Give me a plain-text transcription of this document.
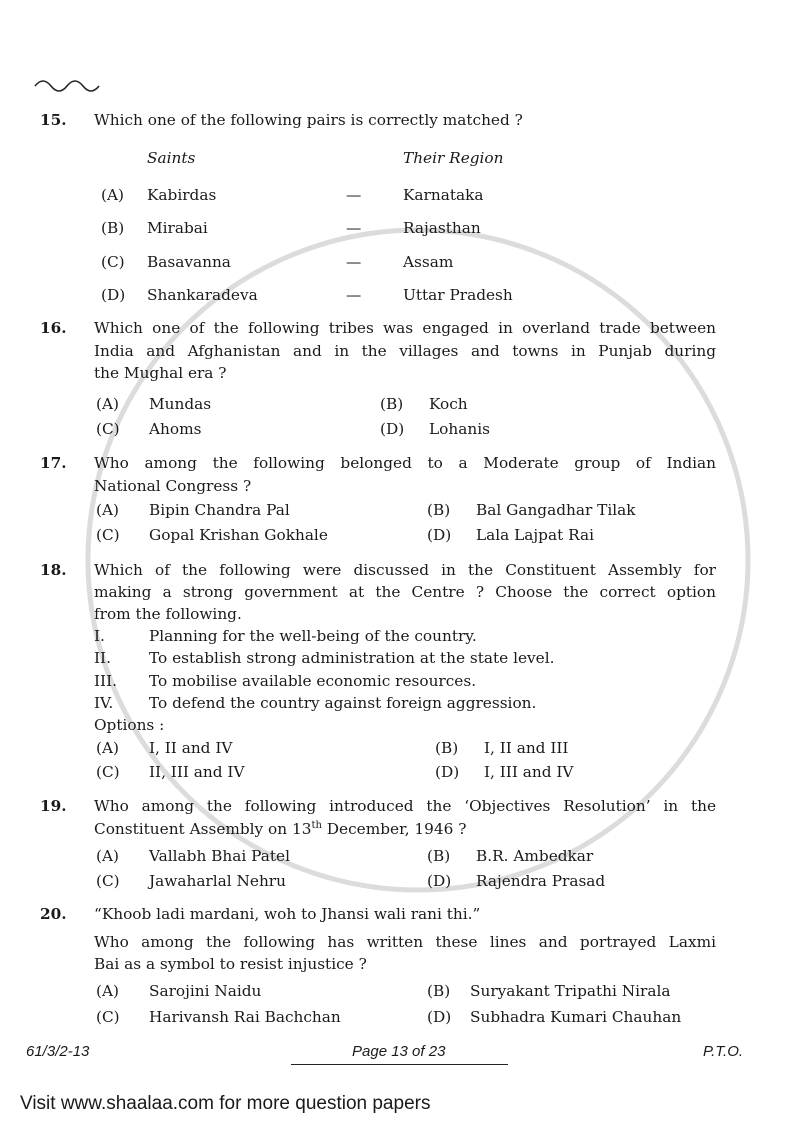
15. Which one of the following pairs is correctly matched ?
Saints	Their Region
(A) Kabirdas	—	Karnataka
(B) Mirabai	—	Rajasthan
(C) Basavanna	—	Assam
(D) Shankaradeva	—	Uttar Pradesh
16. Which one of the following tribes was engaged in overland trade between
India and Afghanistan and in the villages and towns in Punjab during
the Mughal era ?
17. Who among the following belonged to a Moderate group of Indian
National Congress ?
18. Which of the following were discussed in the Constituent Assembly for
making a strong government at the Centre ? Choose the correct option
from the following.
I.	Planning for the well-being of the country.
II. To establish strong administration at the state level.
III. To mobilise available economic resources.
IV. To defend the country against foreign aggression.
Options :
19. Who among the following introduced the ‘Objectives Resolution’ in the
Constituent Assembly on 13th December, 1946 ?
20. “Khoob ladi mardani, woh to Jhansi wali rani thi.”
Who among the following has written these lines and portrayed Laxmi
Bai as a symbol to resist injustice ?
(A) Mundas	(B) Koch
(C) Ahoms	(D) Lohanis
(A) Bipin Chandra Pal	(B) Bal Gangadhar Tilak
(C) Gopal Krishan Gokhale	(D) Lala Lajpat Rai
(A) I, II and IV	(B) I, II and III
(C) II, III and IV	(D) I, III and IV
(A) Vallabh Bhai Patel	(B) B.R. Ambedkar
(C) Jawaharlal Nehru	(D) Rajendra Prasad
(A) Sarojini Naidu	(B) Suryakant Tripathi Nirala
(C) Harivansh Rai Bachchan	(D) Subhadra Kumari Chauhan
61/3/2-13	Page 13 of 23	P.T.O.
Visit www.shaalaa.com for more question papers
